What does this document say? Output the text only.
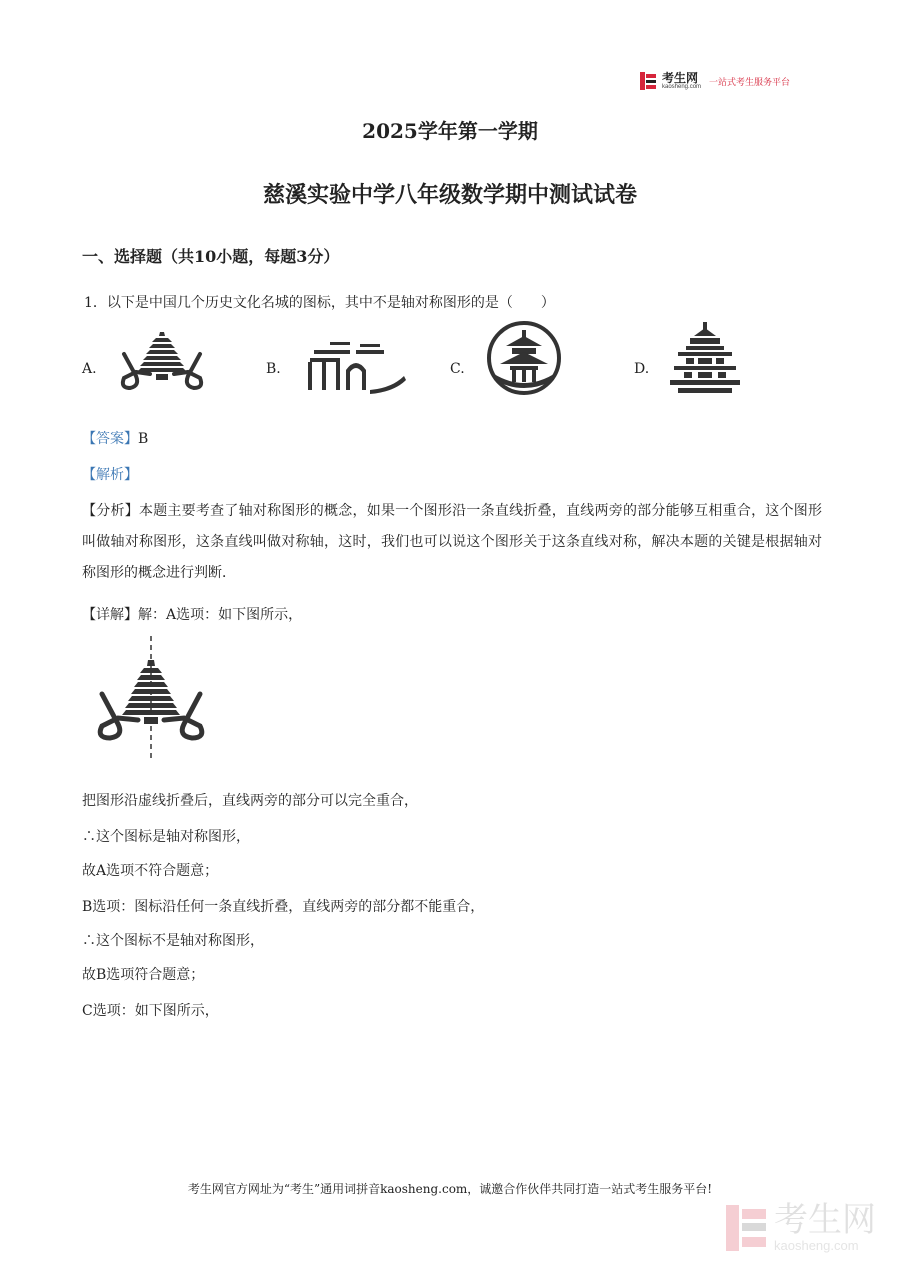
考生网
kaosheng.com 一站式考生服务平台
2025学年第一学期
慈溪实验中学八年级数学期中测试试卷
一、选择题（共10小题，每题3分）
1．以下是中国几个历史文化名城的图标，其中不是轴对称图形的是（　　）
A.	B.	C.	D.
【答案】B
【解析】
【分析】本题主要考查了轴对称图形的概念，如果一个图形沿一条直线折叠，直线两旁的部分能够互相重合，这个图形叫做轴对称图形，这条直线叫做对称轴，这时，我们也可以说这个图形关于这条直线对称，解决本题的关键是根据轴对称图形的概念进行判断．
【详解】解：A选项：如下图所示，
把图形沿虚线折叠后，直线两旁的部分可以完全重合，
∴这个图标是轴对称图形，
故A选项不符合题意；
B选项：图标沿任何一条直线折叠，直线两旁的部分都不能重合，
∴这个图标不是轴对称图形，
故B选项符合题意；
C选项：如下图所示，
考生网官方网址为“考生”通用词拼音kaosheng.com，诚邀合作伙伴共同打造一站式考生服务平台!
考生网
kaosheng.com
